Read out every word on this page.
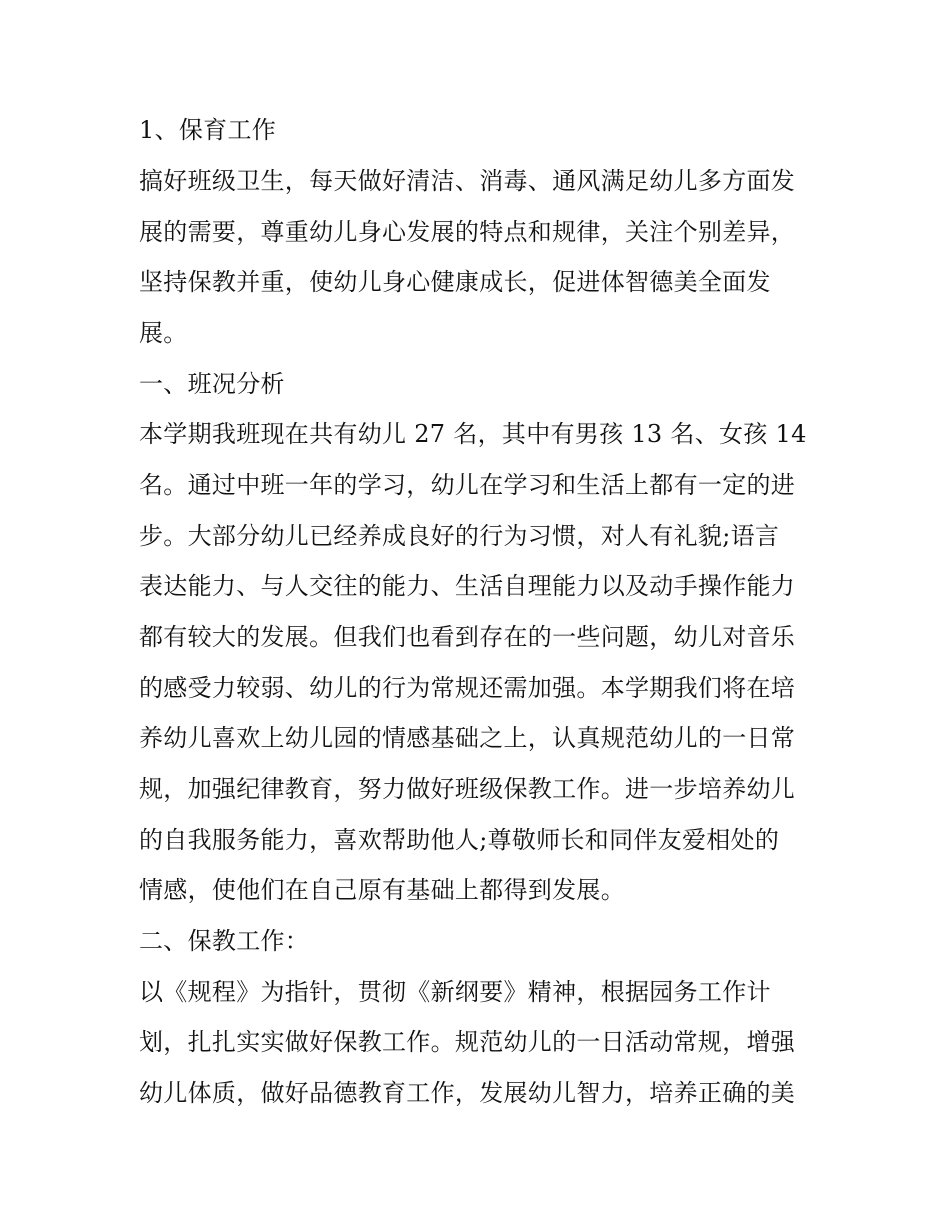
1、保育工作
搞好班级卫生，每天做好清洁、消毒、通风满足幼儿多方面发
展的需要，尊重幼儿身心发展的特点和规律，关注个别差异，
坚持保教并重，使幼儿身心健康成长，促进体智德美全面发
展。
一、班况分析
本学期我班现在共有幼儿 27 名，其中有男孩 13 名、女孩 14
名。通过中班一年的学习，幼儿在学习和生活上都有一定的进
步。大部分幼儿已经养成良好的行为习惯，对人有礼貌;语言
表达能力、与人交往的能力、生活自理能力以及动手操作能力
都有较大的发展。但我们也看到存在的一些问题，幼儿对音乐
的感受力较弱、幼儿的行为常规还需加强。本学期我们将在培
养幼儿喜欢上幼儿园的情感基础之上，认真规范幼儿的一日常
规，加强纪律教育，努力做好班级保教工作。进一步培养幼儿
的自我服务能力，喜欢帮助他人;尊敬师长和同伴友爱相处的
情感，使他们在自己原有基础上都得到发展。
二、保教工作：
以《规程》为指针，贯彻《新纲要》精神，根据园务工作计
划，扎扎实实做好保教工作。规范幼儿的一日活动常规，增强
幼儿体质，做好品德教育工作，发展幼儿智力，培养正确的美
